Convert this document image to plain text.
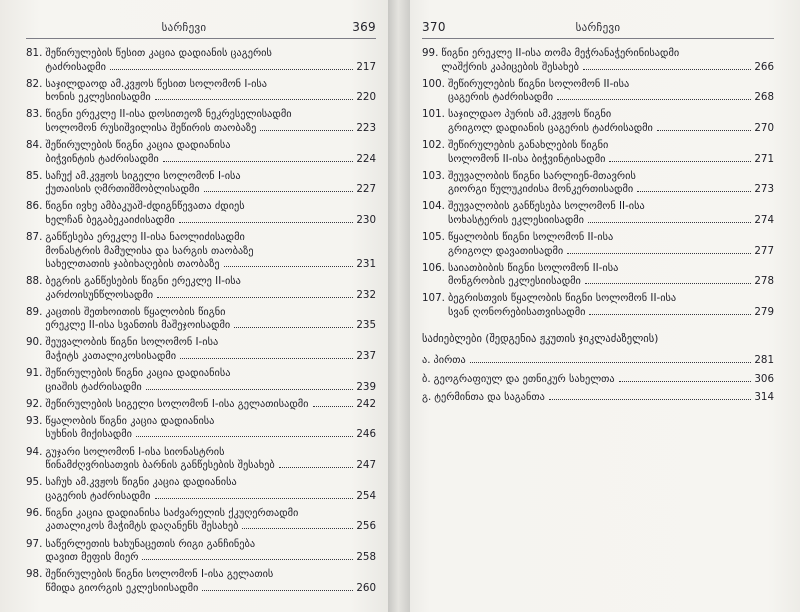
სარჩევი	369
81. შეწირულების წესით კაცია დადიანის ცაგერის
ტაძრისადმი	217
82. საჯილდაოდ ამ.კვჟოს წესით სოლომონ I-ისა
ხონის ეკლესიისადმი	220
83. წიგნი ერეკლე II-ისა დოსითეოზ ნეკრესელისადმი
სოლომონ რუსიშვილისა შეწირის თაობაზე	223
84. შეწირულების წიგნი კაცია დადიანისა
ბიჭვინტის ტაძრისადმი	224
85. საჩუქ ამ.კვჟოს სიგელი სოლომონ I-ისა
ქუთაისის ღმრთიშმობლისადმი	227
86. წიგნი ივხე ამბაკუაშ-ძდიგნწევათა ძდიეს
ხელჩან ბეგაბეკაიძისადმი	230
87. განწესება ერეკლე II-ისა ნაოლიძისადმი
მონასტრის მამულისა და სარგის თაობაზე
სახელთათის ჯაბიხაღების თაობაზე	231
88. ბეგრის განწესების წიგნი ერეკლე II-ისა
კარძოისუნწლოსადმი	232
89. კაცთის შეთხოითის წყალობის წიგნი
ერეკლე II-ისა სვანთის მაშეჯოისადმი	235
90. შეუვალობის წიგნი სოლომონ I-ისა
მაჭიტს კათალიკოსისადმი	237
91. შეწირულების წიგნი კაცია დადიანისა
ციაშის ტაძრისადმი	239
92. შეწირულების სიგელი სოლომონ I-ისა გელათისადმი	242
93. წყალობის წიგნი კაცია დადიანისა
სუხნის მიქისადმი	246
94. გუჯარი სოლომონ I-ისა სიონასტრის
წინამძღვრისათვის ბარნის განწესების შესახებ	247
95. საჩუხ ამ.კვჟოს წიგნი კაცია დადიანისა
ცაგერის ტაძრისადმი	254
96. წიგნი კაცია დადიანისა საძვარელის ქკუღერთადმი
კათალიკოს მაჭიმტს დაღანენს შესახებ	256
97. საწერლეთის ხახუნაცეთის რიგი განჩინება
დავით მეფის მიერ	258
98. შეწირულების წიგნი სოლომონ I-ისა გელათის
წმიდა გიორგის ეკლესიისადმი	260
370	სარჩევი
99. წიგნი ერეკლე II-ისა თომა მეჭრანაჭერინისადმი
ლაშქრის კაპიცების შესახებ	266
100. შეწირულების წიგნი სოლომონ II-ისა
ცაგერის ტაძრისადმი	268
101. საჯილდაო პურის ამ.კვჟოს წიგნი
გრიგოლ დადიანის ცაგერის ტაძრისადმი	270
102. შეწირულების განახლების წიგნი
სოლომონ II-ისა ბიჭვინტისადმი	271
103. შეუვალობის წიგნი სარლიენ-მთავრის
გიორგი წულუკიძისა მონკერთისადმი	273
104. შეუვალობის განწესება სოლომონ II-ისა
სოხასტერის ეკლესიისადმი	274
105. წყალობის წიგნი სოლომონ II-ისა
გრიგოლ დავათისადმი	277
106. საიათბიბის წიგნი სოლომონ II-ისა
მონგრობის ეკლესიისადმი	278
107. ბეგრისთვის წყალობის წიგნი სოლომონ II-ისა
სვან ღონორებისათვისადმი	279
საძიებლები (შედგენია ჟკუთის ჯიკლაძაზელის)
ა. პირთა	281
ბ. გეოგრაფიულ და ეთნიკურ სახელთა	306
გ. ტერმინთა და საგანთა	314
